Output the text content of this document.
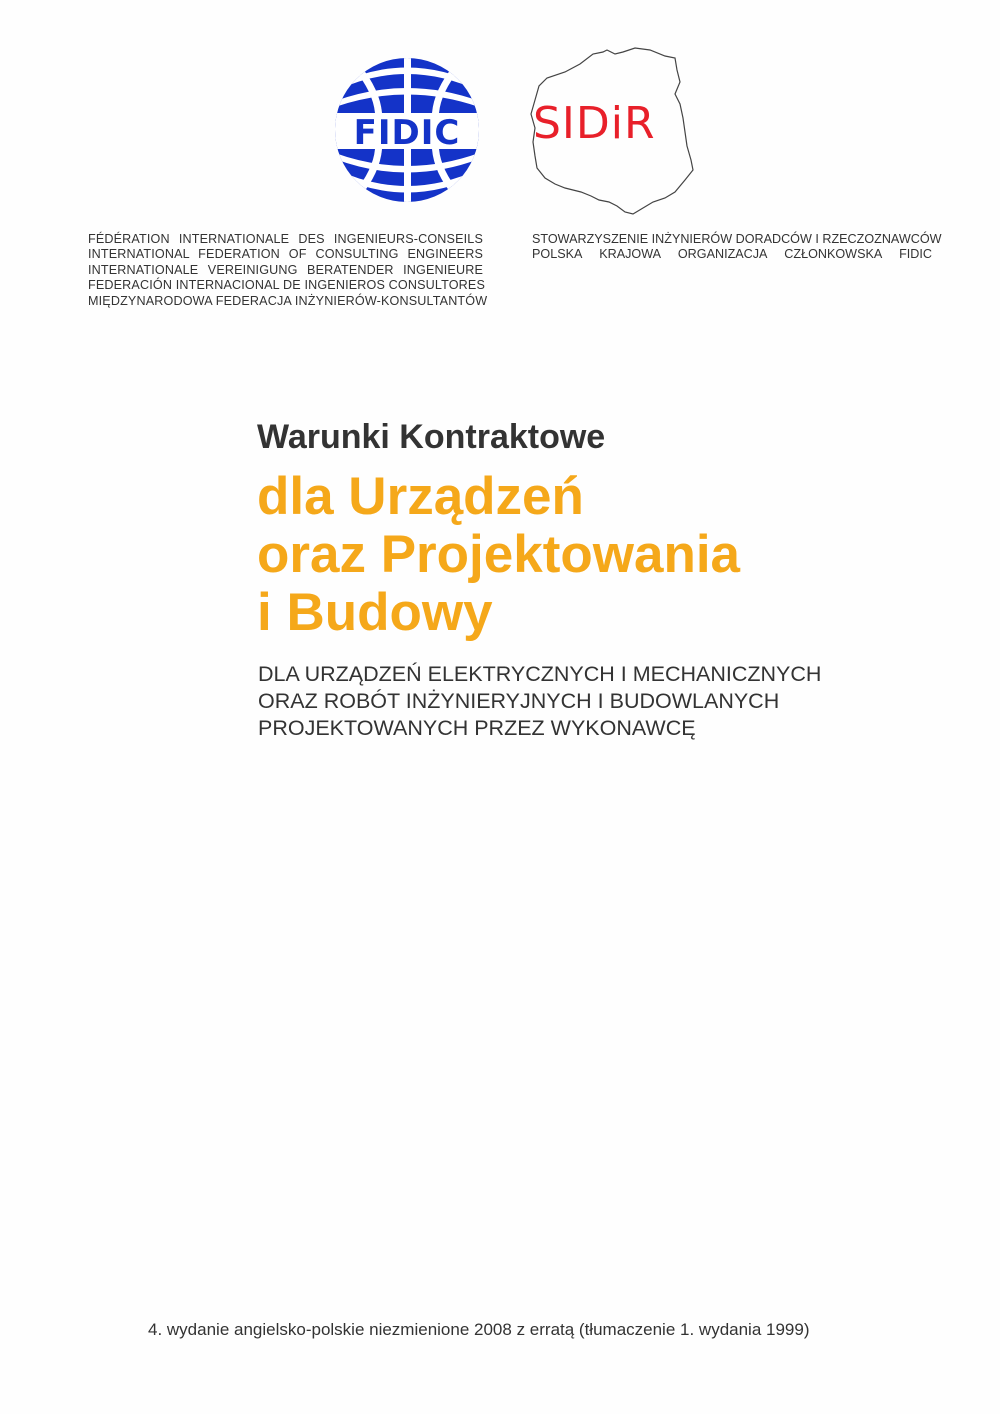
FIDIC SIDiR
FÉDÉRATION INTERNATIONALE DES INGENIEURS-CONSEILS
INTERNATIONAL FEDERATION OF CONSULTING ENGINEERS
INTERNATIONALE VEREINIGUNG BERATENDER INGENIEURE
FEDERACIÓN INTERNACIONAL DE INGENIEROS CONSULTORES
MIĘDZYNARODOWA FEDERACJA INŻYNIERÓW-KONSULTANTÓW
STOWARZYSZENIE INŻYNIERÓW DORADCÓW I RZECZOZNAWCÓW
POLSKA KRAJOWA ORGANIZACJA CZŁONKOWSKA FIDIC
Warunki Kontraktowe
dla Urządzeń
oraz Projektowania
i Budowy
DLA URZĄDZEŃ ELEKTRYCZNYCH I MECHANICZNYCH
ORAZ ROBÓT INŻYNIERYJNYCH I BUDOWLANYCH
PROJEKTOWANYCH PRZEZ WYKONAWCĘ
4. wydanie angielsko-polskie niezmienione 2008 z erratą (tłumaczenie 1. wydania 1999)
